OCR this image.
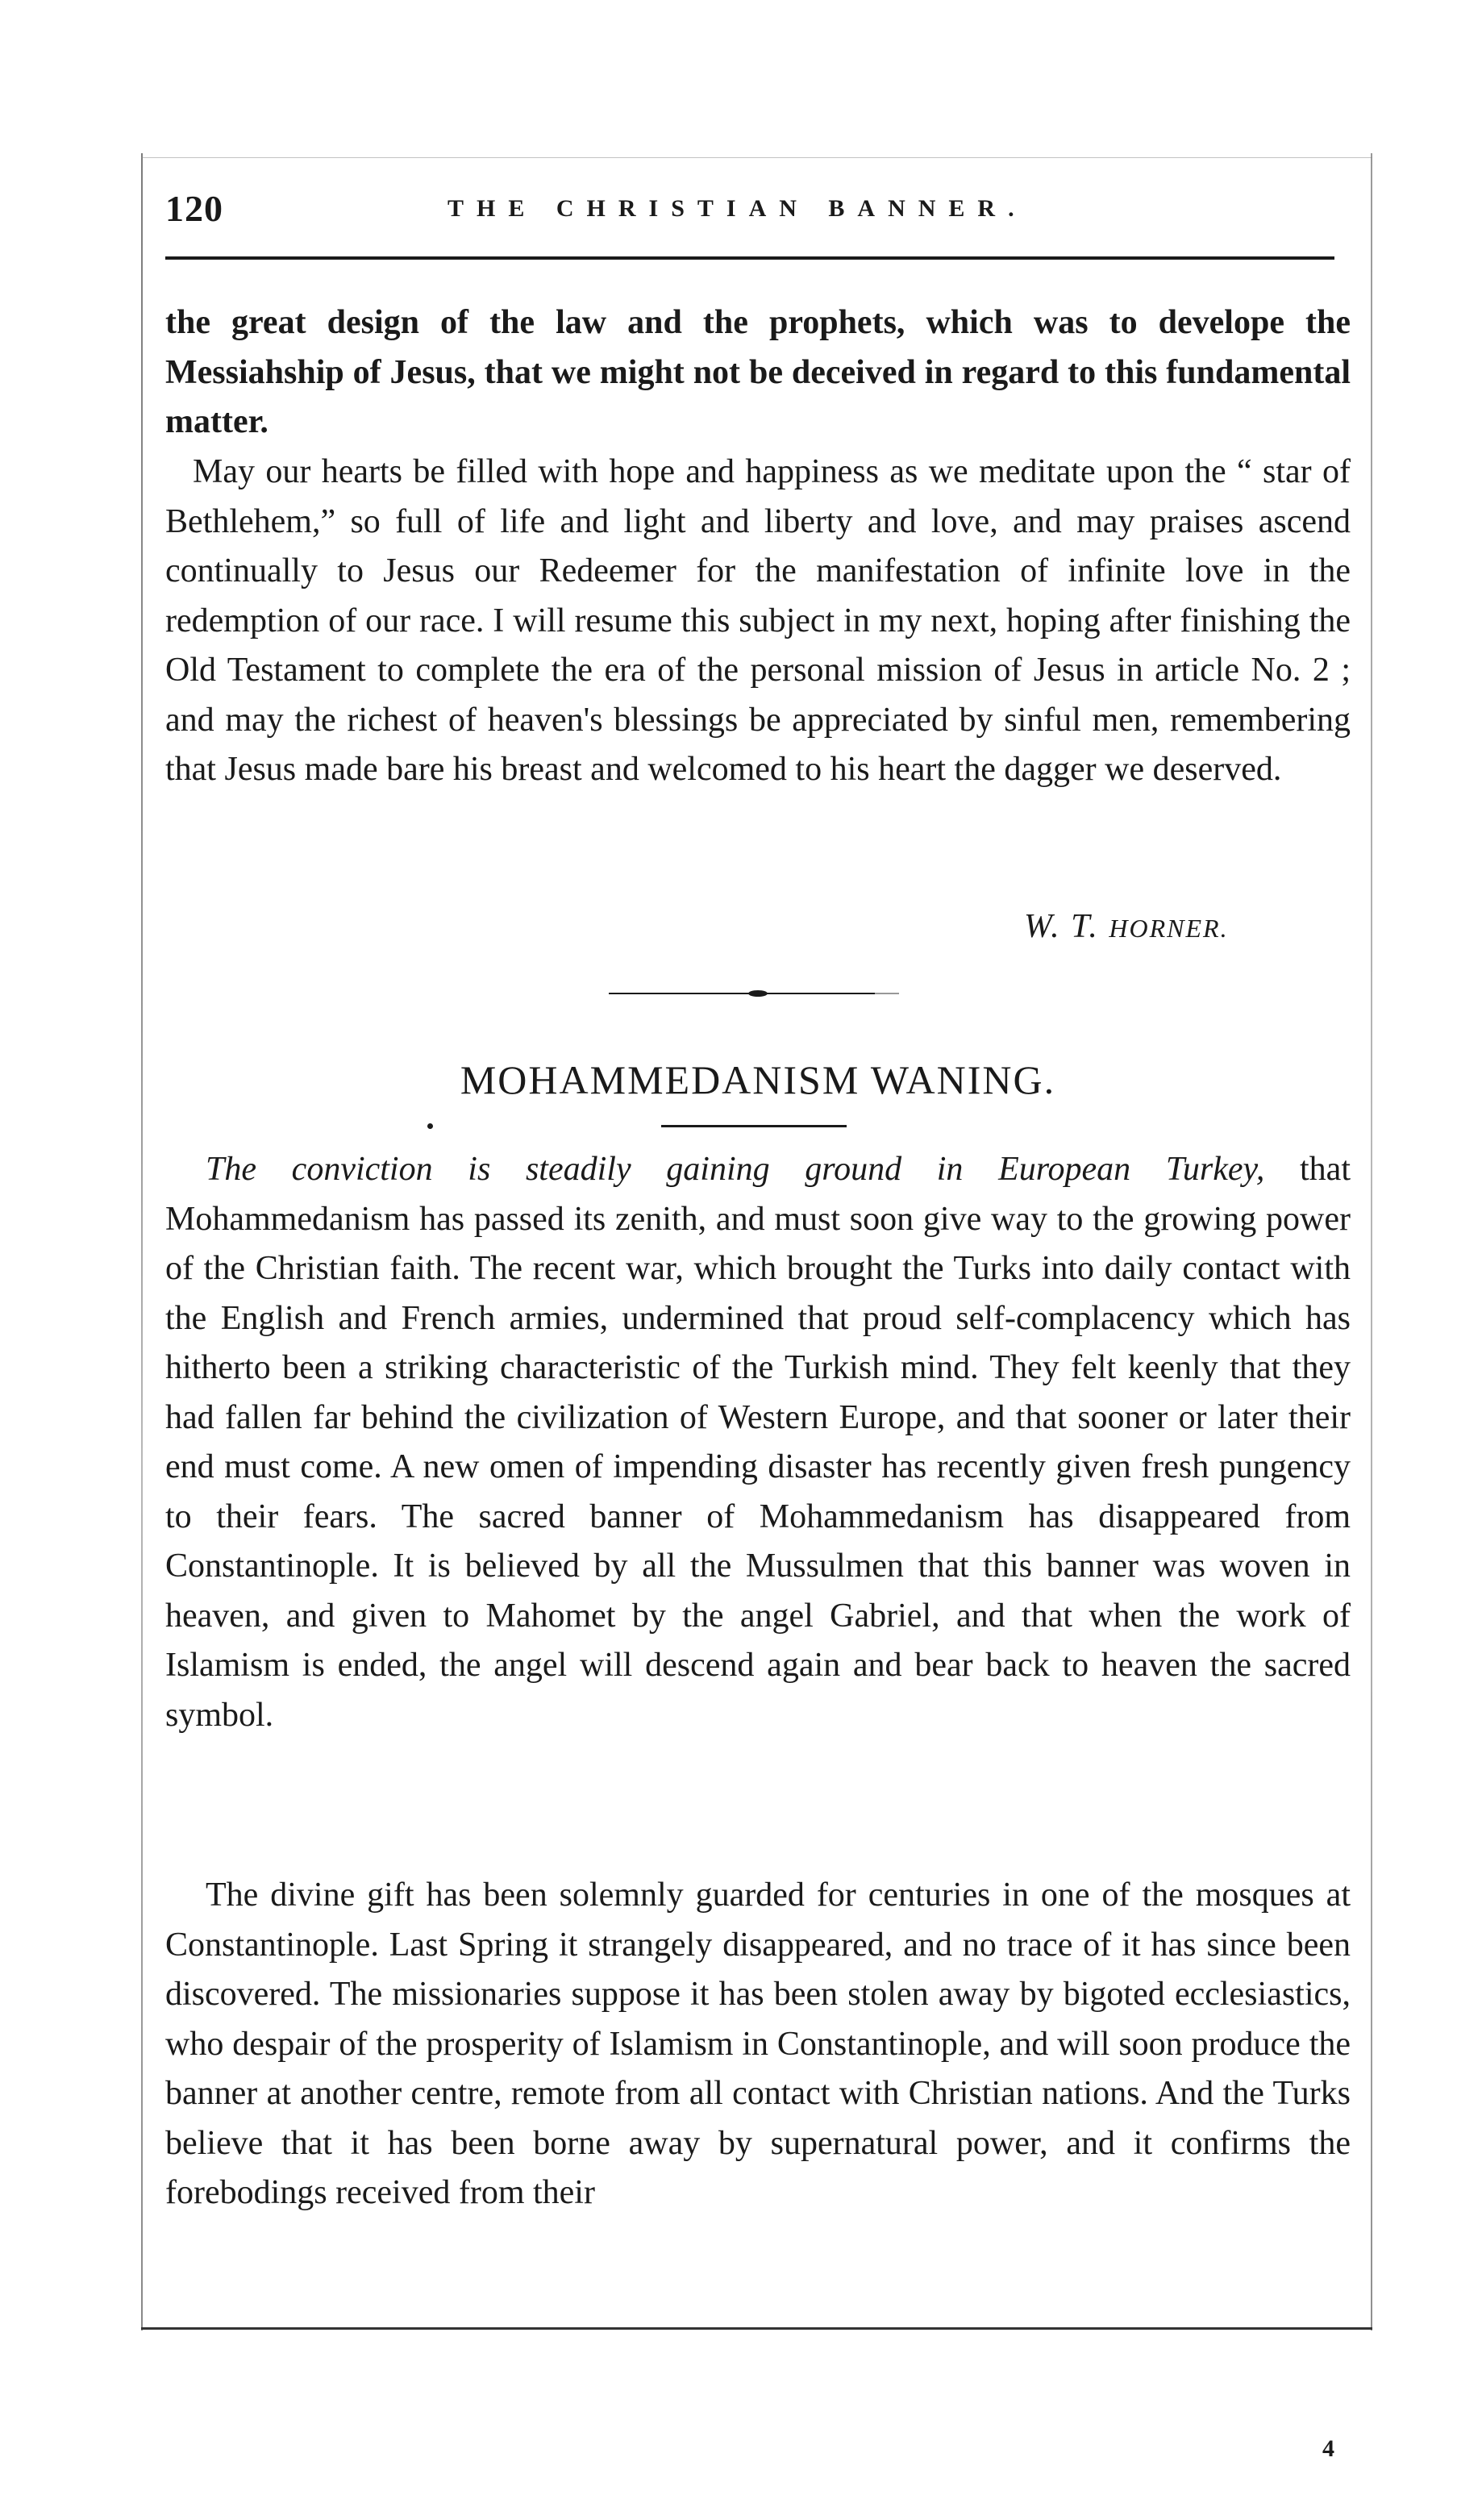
120	THE CHRISTIAN BANNER.

the great design of the law and the prophets, which was to develope the Messiahship of Jesus, that we might not be deceived in regard to this fundamental matter.

May our hearts be filled with hope and happiness as we meditate upon the “ star of Bethlehem,” so full of life and light and liberty and love, and may praises ascend continually to Jesus our Redeemer for the manifestation of infinite love in the redemption of our race. I will resume this subject in my next, hoping after finishing the Old Testament to complete the era of the personal mission of Jesus in article No. 2 ; and may the richest of heaven's blessings be appreciated by sinful men, remembering that Jesus made bare his breast and welcomed to his heart the dagger we deserved.

W. T. HORNER.
MOHAMMEDANISM WANING.

The conviction is steadily gaining ground in European Turkey, that Mohammedanism has passed its zenith, and must soon give way to the growing power of the Christian faith. The recent war, which brought the Turks into daily contact with the English and French armies, undermined that proud self-complacency which has hitherto been a striking characteristic of the Turkish mind. They felt keenly that they had fallen far behind the civilization of Western Europe, and that sooner or later their end must come. A new omen of impending disaster has recently given fresh pungency to their fears. The sacred banner of Mohammedanism has disappeared from Constantinople. It is believed by all the Mussulmen that this banner was woven in heaven, and given to Mahomet by the angel Gabriel, and that when the work of Islamism is ended, the angel will descend again and bear back to heaven the sacred symbol.

The divine gift has been solemnly guarded for centuries in one of the mosques at Constantinople. Last Spring it strangely disappeared, and no trace of it has since been discovered. The missionaries suppose it has been stolen away by bigoted ecclesiastics, who despair of the prosperity of Islamism in Constantinople, and will soon produce the banner at another centre, remote from all contact with Christian nations. And the Turks believe that it has been borne away by supernatural power, and it confirms the forebodings received from their

4
